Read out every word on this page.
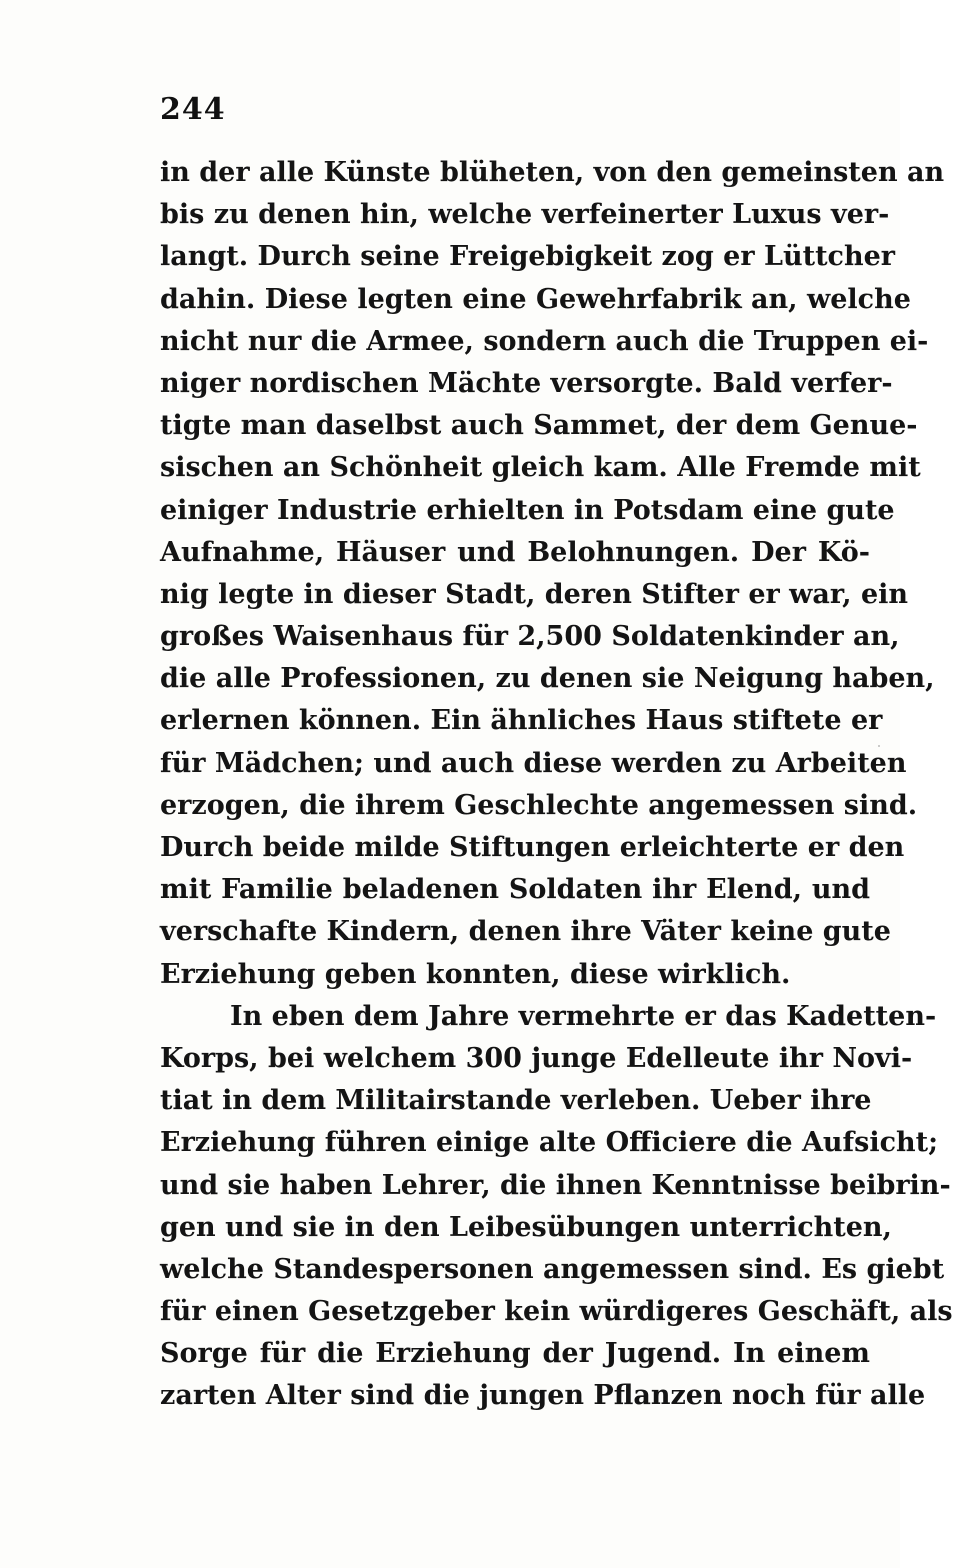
244
in der alle Künste blüheten, von den gemeinsten an
bis zu denen hin, welche verfeinerter Luxus ver-
langt. Durch seine Freigebigkeit zog er Lüttcher
dahin. Diese legten eine Gewehrfabrik an, welche
nicht nur die Armee, sondern auch die Truppen ei-
niger nordischen Mächte versorgte. Bald verfer-
tigte man daselbst auch Sammet, der dem Genue-
sischen an Schönheit gleich kam. Alle Fremde mit
einiger Industrie erhielten in Potsdam eine gute
Aufnahme, Häuser und Belohnungen. Der Kö-
nig legte in dieser Stadt, deren Stifter er war, ein
großes Waisenhaus für 2,500 Soldatenkinder an,
die alle Professionen, zu denen sie Neigung haben,
erlernen können. Ein ähnliches Haus stiftete er
für Mädchen; und auch diese werden zu Arbeiten
erzogen, die ihrem Geschlechte angemessen sind.
Durch beide milde Stiftungen erleichterte er den
mit Familie beladenen Soldaten ihr Elend, und
verschafte Kindern, denen ihre Väter keine gute
Erziehung geben konnten, diese wirklich.
In eben dem Jahre vermehrte er das Kadetten-
Korps, bei welchem 300 junge Edelleute ihr Novi-
tiat in dem Militairstande verleben. Ueber ihre
Erziehung führen einige alte Officiere die Aufsicht;
und sie haben Lehrer, die ihnen Kenntnisse beibrin-
gen und sie in den Leibesübungen unterrichten,
welche Standespersonen angemessen sind. Es giebt
für einen Gesetzgeber kein würdigeres Geschäft, als
Sorge für die Erziehung der Jugend. In einem
zarten Alter sind die jungen Pflanzen noch für alle
